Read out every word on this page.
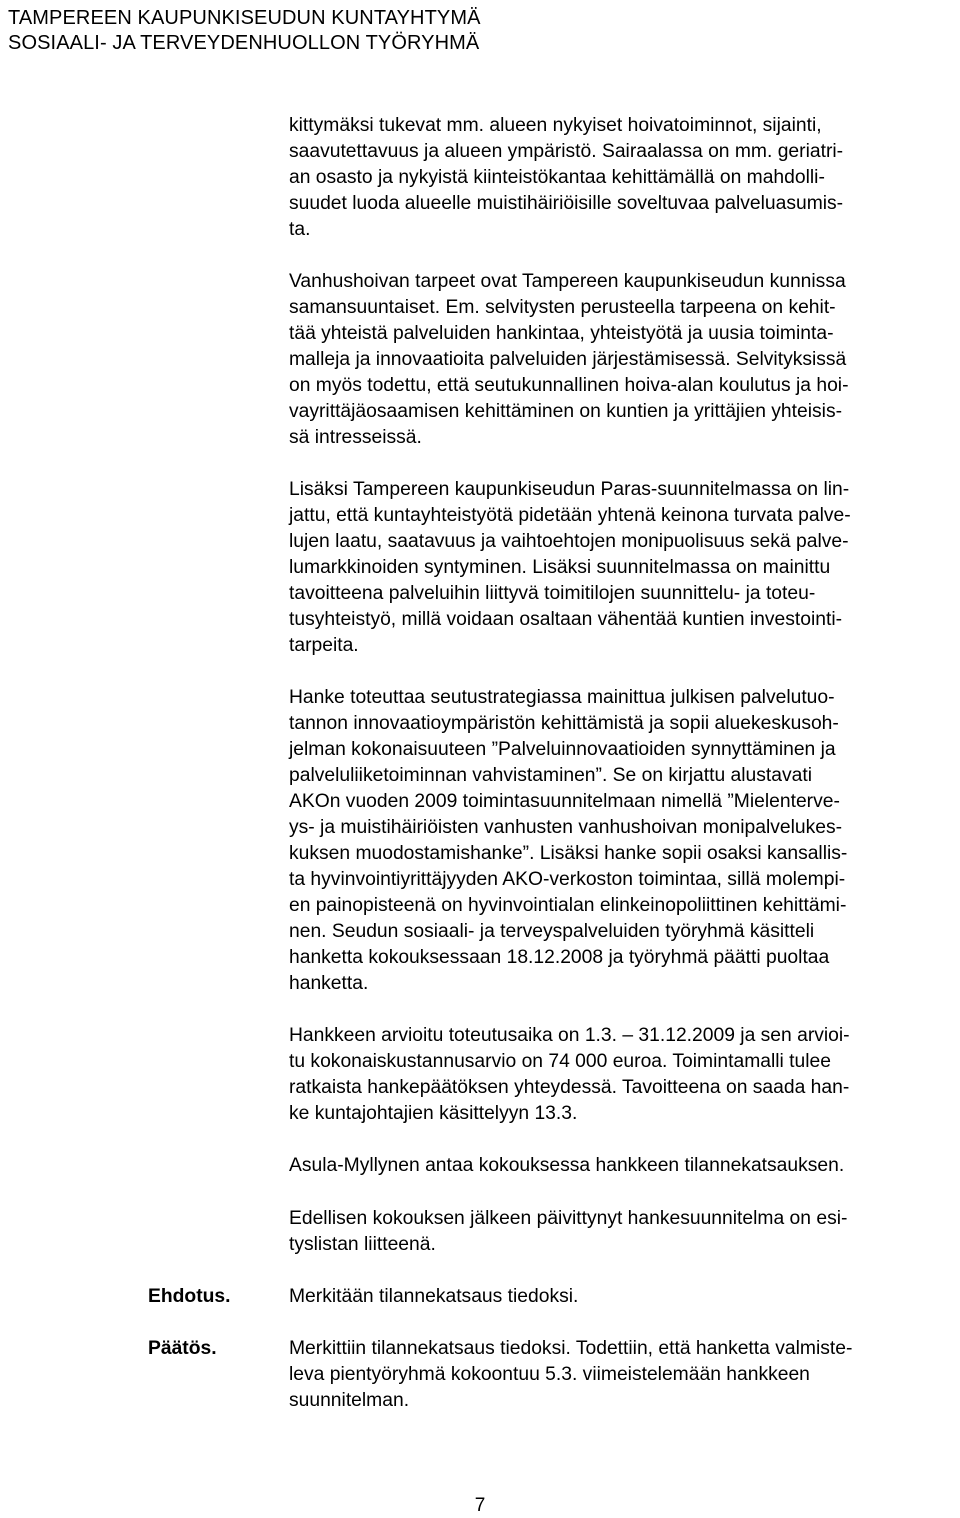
TAMPEREEN KAUPUNKISEUDUN KUNTAYHTYMÄ
SOSIAALI- JA TERVEYDENHUOLLON TYÖRYHMÄ

kittymäksi tukevat mm. alueen nykyiset hoivatoiminnot, sijainti,

saavutettavuus ja alueen ympäristö. Sairaalassa on mm. geriatri-

an osasto ja nykyistä kiinteistökantaa kehittämällä on mahdolli-

suudet luoda alueelle muistihäiriöisille soveltuvaa palveluasumis-

ta.

Vanhushoivan tarpeet ovat Tampereen kaupunkiseudun kunnissa

samansuuntaiset. Em. selvitysten perusteella tarpeena on kehit-

tää yhteistä palveluiden hankintaa, yhteistyötä ja uusia toiminta-

malleja ja innovaatioita palveluiden järjestämisessä. Selvityksissä

on myös todettu, että seutukunnallinen hoiva-alan koulutus ja hoi-

vayrittäjäosaamisen kehittäminen on kuntien ja yrittäjien yhteisis-

sä intresseissä.

Lisäksi Tampereen kaupunkiseudun Paras-suunnitelmassa on lin-

jattu, että kuntayhteistyötä pidetään yhtenä keinona turvata palve-

lujen laatu, saatavuus ja vaihtoehtojen monipuolisuus sekä palve-

lumarkkinoiden syntyminen. Lisäksi suunnitelmassa on mainittu

tavoitteena palveluihin liittyvä toimitilojen suunnittelu- ja toteu-

tusyhteistyö, millä voidaan osaltaan vähentää kuntien investointi-

tarpeita.

Hanke toteuttaa seutustrategiassa mainittua julkisen palvelutuo-

tannon innovaatioympäristön kehittämistä ja sopii aluekeskusoh-

jelman kokonaisuuteen ”Palveluinnovaatioiden synnyttäminen ja

palveluliiketoiminnan vahvistaminen”. Se on kirjattu alustavati

AKOn vuoden 2009 toimintasuunnitelmaan nimellä ”Mielenterve-

ys- ja muistihäiriöisten vanhusten vanhushoivan monipalvelukes-

kuksen muodostamishanke”. Lisäksi hanke sopii osaksi kansallis-

ta hyvinvointiyrittäjyyden AKO-verkoston toimintaa, sillä molempi-

en painopisteenä on hyvinvointialan elinkeinopoliittinen kehittämi-

nen. Seudun sosiaali- ja terveyspalveluiden työryhmä käsitteli

hanketta kokouksessaan 18.12.2008 ja työryhmä päätti puoltaa

hanketta.

Hankkeen arvioitu toteutusaika on 1.3. – 31.12.2009 ja sen arvioi-

tu kokonaiskustannusarvio on 74 000 euroa. Toimintamalli tulee

ratkaista hankepäätöksen yhteydessä. Tavoitteena on saada han-

ke kuntajohtajien käsittelyyn 13.3.

Asula-Myllynen antaa kokouksessa hankkeen tilannekatsauksen.

Edellisen kokouksen jälkeen päivittynyt hankesuunnitelma on esi-

tyslistan liitteenä.

Ehdotus.	Merkitään tilannekatsaus tiedoksi.

Päätös.	Merkittiin tilannekatsaus tiedoksi. Todettiin, että hanketta valmiste-

leva pientyöryhmä kokoontuu 5.3. viimeistelemään hankkeen

suunnitelman.

7
